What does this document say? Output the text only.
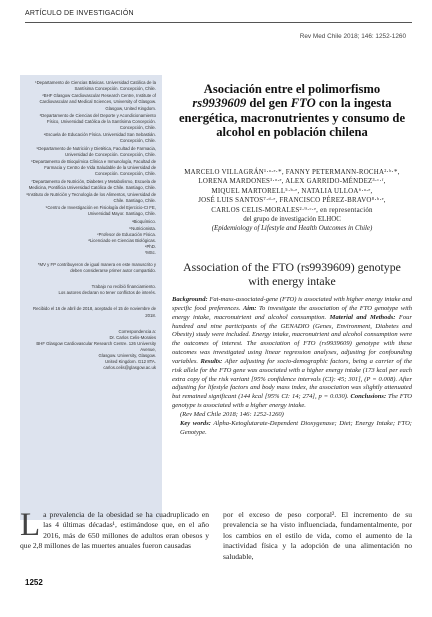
ARTÍCULO DE INVESTIGACIÓN
Rev Med Chile 2018; 146: 1252-1260

¹Departamento de Ciencias Básicas. Universidad Católica de la Santísima Concepción. Concepción, Chile.

²BHF Glasgow Cardiovascular Research Centre, Institute of Cardiovascular and Medical Sciences, University of Glasgow. Glasgow, United Kingdom.

³Departamento de Ciencias del Deporte y Acondicionamiento Físico, Universidad Católica de la Santísima Concepción. Concepción, Chile.

⁴Escuela de Educación Física. Universidad San Sebastián. Concepción, Chile.

⁵Departamento de Nutrición y Dietética, Facultad de Farmacia, Universidad de Concepción. Concepción, Chile.

⁶Departamento de Bioquímica Clínica e Inmunología, Facultad de Farmacia y Centro de Vida Saludable de la Universidad de Concepción. Concepción, Chile.

⁷Departamento de Nutrición, Diabetes y Metabolismo, Escuela de Medicina, Pontificia Universidad Católica de Chile. Santiago, Chile.

⁸Instituto de Nutrición y Tecnología de los Alimentos, Universidad de Chile. Santiago, Chile.

⁹Centro de Investigación en Fisiología del Ejercicio-CI FE, Universidad Mayor. Santiago, Chile.

ᵃBioquímico.
ᵇNutricionista.
ᶜProfesor de Educación Física.
ᵈLicenciado en Ciencias Biológicas.
ᵉPhD.
ᶠMSc.

*MV y FP contribuyeron de igual manera en este manuscrito y deben considerarse primer autor compartido.

Trabajo no recibió financiamiento.

Los autores declaran no tener conflictos de interés.

Recibido el 16 de abril de 2018, aceptado el 15 de noviembre de 2018.

Correspondencia a:
Dr. Carlos Celis-Morales
BHF Glasgow Cardiovascular Research Centre. 126 University Avenue,
Glasgow. University, Glasgow.
United Kingdom. G12 8TA.
carlos.celis@glasgow.ac.uk
Asociación entre el polimorfismo
rs9939609 del gen FTO con la ingesta energética, macronutrientes y consumo de alcohol en población chilena
MARCELO VILLAGRÁN¹·ᵃ·ᵉ·*, FANNY PETERMANN-ROCHA²·ᵇ·*,
LORENA MARDONES¹·ᵃ·ᵉ, ALEX GARRIDO-MÉNDEZ³·ᶜ·ᶠ,
MIQUEL MARTORELL⁵·ᵇ·ᵉ, NATALIA ULLOA⁶·ᵃ·ᵉ,
JOSÉ LUIS SANTOS⁷·ᵈ·ᵉ, FRANCISCO PÉREZ-BRAVO⁸·ᵇ·ᵉ,
CARLOS CELIS-MORALES²·⁹·ᶜ·ᵉ, en representación
del grupo de investigación ELHOC
(Epidemiology of Lifestyle and Health Outcomes in Chile)
Association of the FTO (rs9939609) genotype with energy intake
Background: Fat-mass-associated-gene (FTO) is associated with higher energy intake and specific food preferences. Aim: To investigate the association of the FTO genotype with energy intake, macronutrient and alcohol consumption. Material and Methods: Four hundred and nine participants of the GENADIO (Genes, Environment, Diabetes and Obesity) study were included. Energy intake, macronutrient and alcohol consumption were the outcomes of interest. The association of FTO (rs9939609) genotype with these outcomes was investigated using linear regression analyses, adjusting for confounding variables. Results: After adjusting for socio-demographic factors, being a carrier of the risk allele for the FTO gene was associated with a higher energy intake (173 kcal per each extra copy of the risk variant [95% confidence intervals (CI): 45; 301], (P = 0.008). After adjusting for lifestyle factors and body mass index, the association was slightly attenuated but remained significant (144 kcal [95% CI: 14; 274], p = 0.030). Conclusions: The FTO genotype is associated with a higher energy intake.
(Rev Med Chile 2018; 146: 1252-1260)
Key words: Alpha-Ketoglutarate-Dependent Dioxygenase; Diet; Energy Intake; FTO; Genotype.
La prevalencia de la obesidad se ha cuadruplicado en las 4 últimas décadas¹, estimándose que, en el año 2016, más de 650 millones de adultos eran obesos y que 2,8 millones de las muertes anuales fueron causadas
por el exceso de peso corporal². El incremento de su prevalencia se ha visto influenciada, fundamentalmente, por los cambios en el estilo de vida, como el aumento de la inactividad física y la adopción de una alimentación no saludable,
1252
